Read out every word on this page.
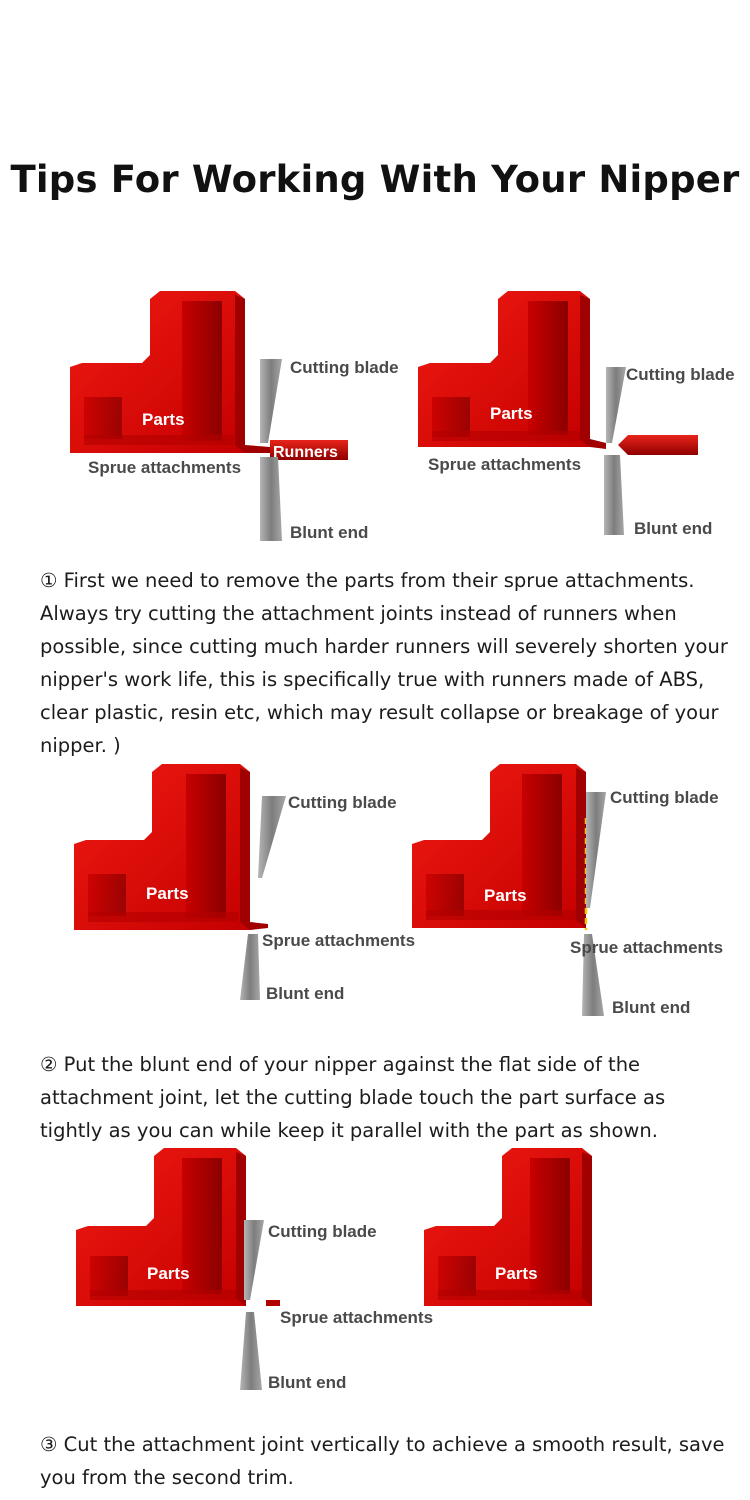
Tips For Working With Your Nipper
Parts
Cutting blade
Sprue attachments
Runners
Blunt end
Parts
Cutting blade
Sprue attachments
Blunt end
① First we need to remove the parts from their sprue attachments. Always try cutting the attachment joints instead of runners when possible, since cutting much harder runners will severely shorten your nipper's work life, this is specifically true with runners made of ABS, clear plastic, resin etc, which may result collapse or breakage of your nipper. )
Parts
Cutting blade
Sprue attachments
Blunt end
Parts
Cutting blade
Sprue attachments
Blunt end
② Put the blunt end of your nipper against the flat side of the attachment joint, let the cutting blade touch the part surface as tightly as you can while keep it parallel with the part as shown.
Parts
Cutting blade
Sprue attachments
Blunt end
Parts
③ Cut the attachment joint vertically to achieve a smooth result, save you from the second trim.
